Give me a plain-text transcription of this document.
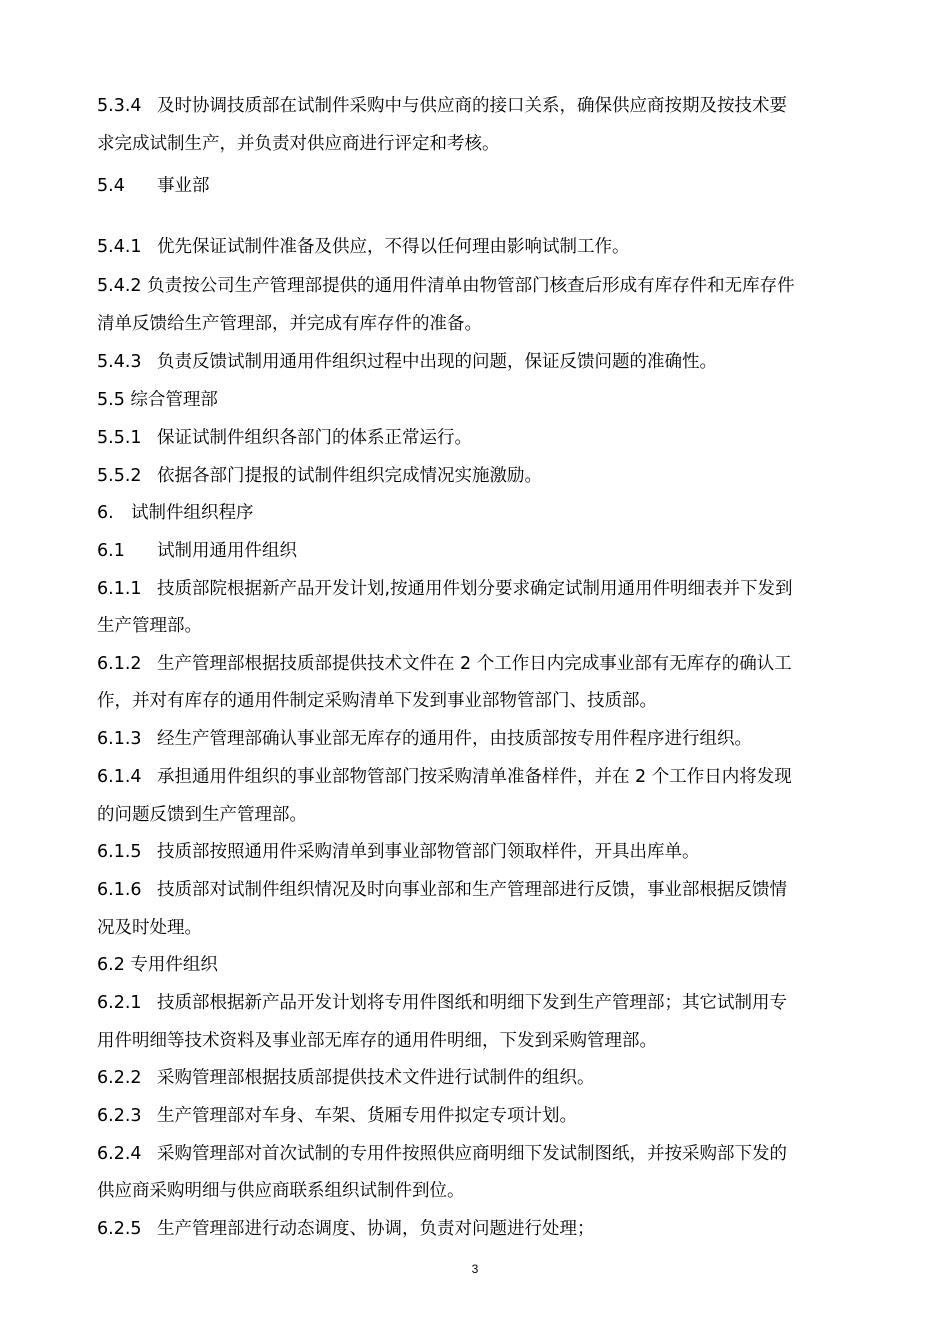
5.3.4 及时协调技质部在试制件采购中与供应商的接口关系，确保供应商按期及按技术要
求完成试制生产，并负责对供应商进行评定和考核。
5.4 事业部
5.4.1 优先保证试制件准备及供应，不得以任何理由影响试制工作。
5.4.2 负责按公司生产管理部提供的通用件清单由物管部门核查后形成有库存件和无库存件
清单反馈给生产管理部，并完成有库存件的准备。
5.4.3 负责反馈试制用通用件组织过程中出现的问题，保证反馈问题的准确性。
5.5 综合管理部
5.5.1 保证试制件组织各部门的体系正常运行。
5.5.2 依据各部门提报的试制件组织完成情况实施激励。
6. 试制件组织程序
6.1 试制用通用件组织
6.1.1 技质部院根据新产品开发计划,按通用件划分要求确定试制用通用件明细表并下发到
生产管理部。
6.1.2 生产管理部根据技质部提供技术文件在 2 个工作日内完成事业部有无库存的确认工
作，并对有库存的通用件制定采购清单下发到事业部物管部门、技质部。
6.1.3 经生产管理部确认事业部无库存的通用件，由技质部按专用件程序进行组织。
6.1.4 承担通用件组织的事业部物管部门按采购清单准备样件，并在 2 个工作日内将发现
的问题反馈到生产管理部。
6.1.5 技质部按照通用件采购清单到事业部物管部门领取样件，开具出库单。
6.1.6 技质部对试制件组织情况及时向事业部和生产管理部进行反馈，事业部根据反馈情
况及时处理。
6.2 专用件组织
6.2.1 技质部根据新产品开发计划将专用件图纸和明细下发到生产管理部；其它试制用专
用件明细等技术资料及事业部无库存的通用件明细，下发到采购管理部。
6.2.2 采购管理部根据技质部提供技术文件进行试制件的组织。
6.2.3 生产管理部对车身、车架、货厢专用件拟定专项计划。
6.2.4 采购管理部对首次试制的专用件按照供应商明细下发试制图纸，并按采购部下发的
供应商采购明细与供应商联系组织试制件到位。
6.2.5 生产管理部进行动态调度、协调，负责对问题进行处理；
3
